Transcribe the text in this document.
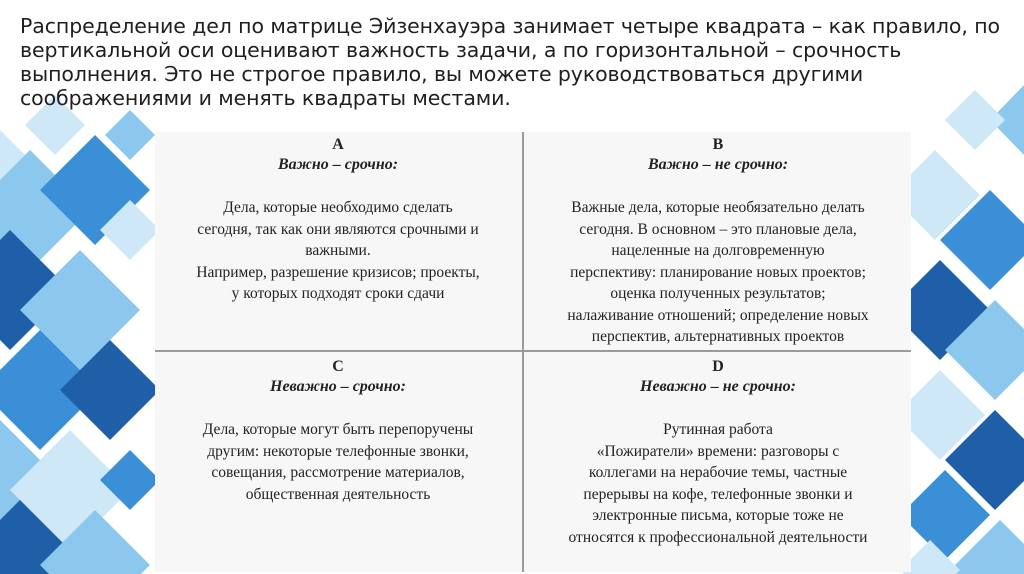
Распределение дел по матрице Эйзенхауэра занимает четыре квадрата – как правило, по вертикальной оси оценивают важность задачи, а по горизонтальной – срочность выполнения. Это не строгое правило, вы можете руководствоваться другими соображениями и менять квадраты местами.

A
Важно – срочно:
Дела, которые необходимо сделать
сегодня, так как они являются срочными и
важными.
Например, разрешение кризисов; проекты,
у которых подходят сроки сдачи
B
Важно – не срочно:
Важные дела, которые необязательно делать
сегодня. В основном – это плановые дела,
нацеленные на долговременную
перспективу: планирование новых проектов;
оценка полученных результатов;
налаживание отношений; определение новых
перспектив, альтернативных проектов
C
Неважно – срочно:
Дела, которые могут быть перепоручены
другим: некоторые телефонные звонки,
совещания, рассмотрение материалов,
общественная деятельность
D
Неважно – не срочно:
Рутинная работа
«Пожиратели» времени: разговоры с
коллегами на нерабочие темы, частные
перерывы на кофе, телефонные звонки и
электронные письма, которые тоже не
относятся к профессиональной деятельности
